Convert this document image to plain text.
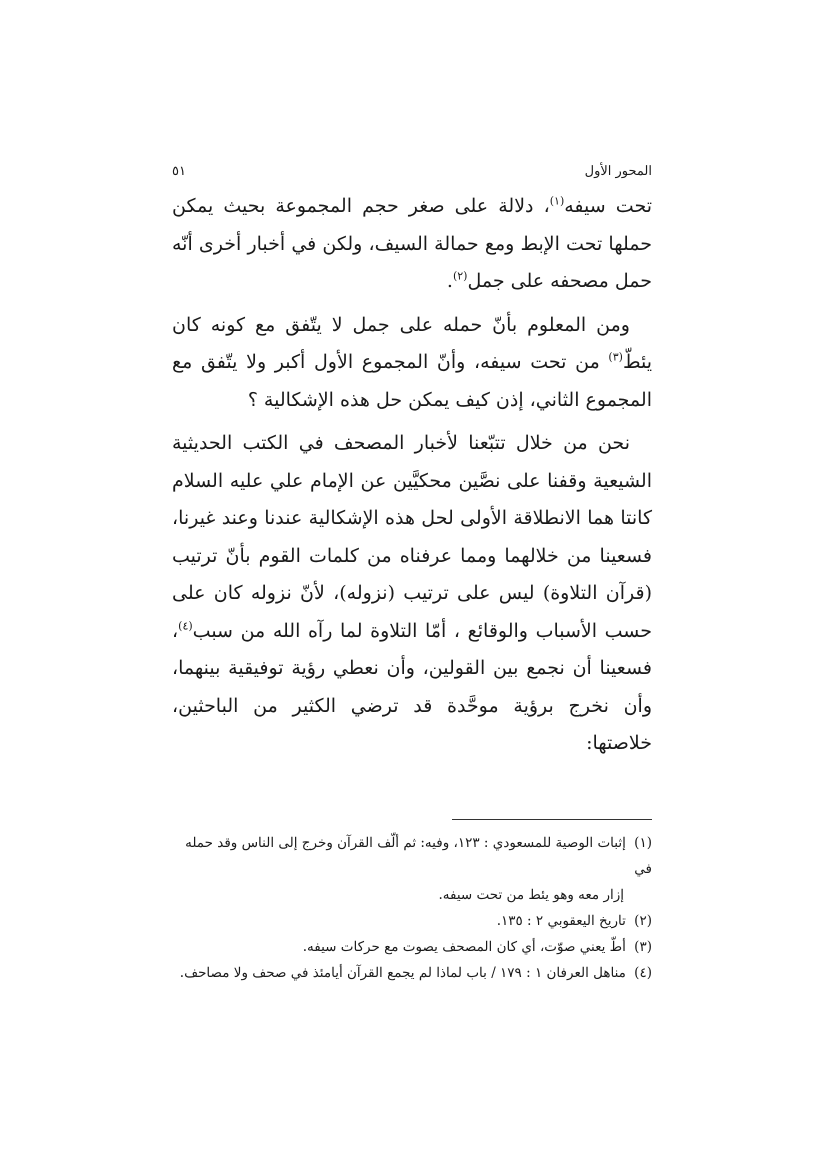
المحور الأول
٥١

تحت سيفه$^{(١)}$، دلالة على صغر حجم المجموعة بحيث يمكن حملها تحت الإبط ومع حمالة السيف، ولكن في أخبار أخرى أنّه حمل مصحفه على جمل$^{(٢)}$.

ومن المعلوم بأنّ حمله على جمل لا يتّفق مع كونه كان يئطّ$^{(٣)}$ من تحت سيفه، وأنّ المجموع الأول أكبر ولا يتّفق مع المجموع الثاني، إذن كيف يمكن حل هذه الإشكالية ؟

نحن من خلال تتبّعنا لأخبار المصحف في الكتب الحديثية الشيعية وقفنا على نصَّين محكيَّين عن الإمام علي عليه السلام كانتا هما الانطلاقة الأولى لحل هذه الإشكالية عندنا وعند غيرنا، فسعينا من خلالهما ومما عرفناه من كلمات القوم بأنّ ترتيب (قرآن التلاوة) ليس على ترتيب (نزوله)، لأنّ نزوله كان على حسب الأسباب والوقائع ، أمّا التلاوة لما رآه الله من سبب$^{(٤)}$، فسعينا أن نجمع بين القولين، وأن نعطي رؤية توفيقية بينهما، وأن نخرج برؤية موحَّدة قد ترضي الكثير من الباحثين، خلاصتها:

(١) إثبات الوصية للمسعودي : ١٢٣، وفيه: ثم ألّف القرآن وخرج إلى الناس وقد حمله في
إزار معه وهو يئط من تحت سيفه.
(٢) تاريخ اليعقوبي ٢ : ١٣٥.
(٣) أطّ يعني صوّت، أي كان المصحف يصوت مع حركات سيفه.
(٤) مناهل العرفان ١ : ١٧٩ / باب لماذا لم يجمع القرآن أيامئذ في صحف ولا مصاحف.
